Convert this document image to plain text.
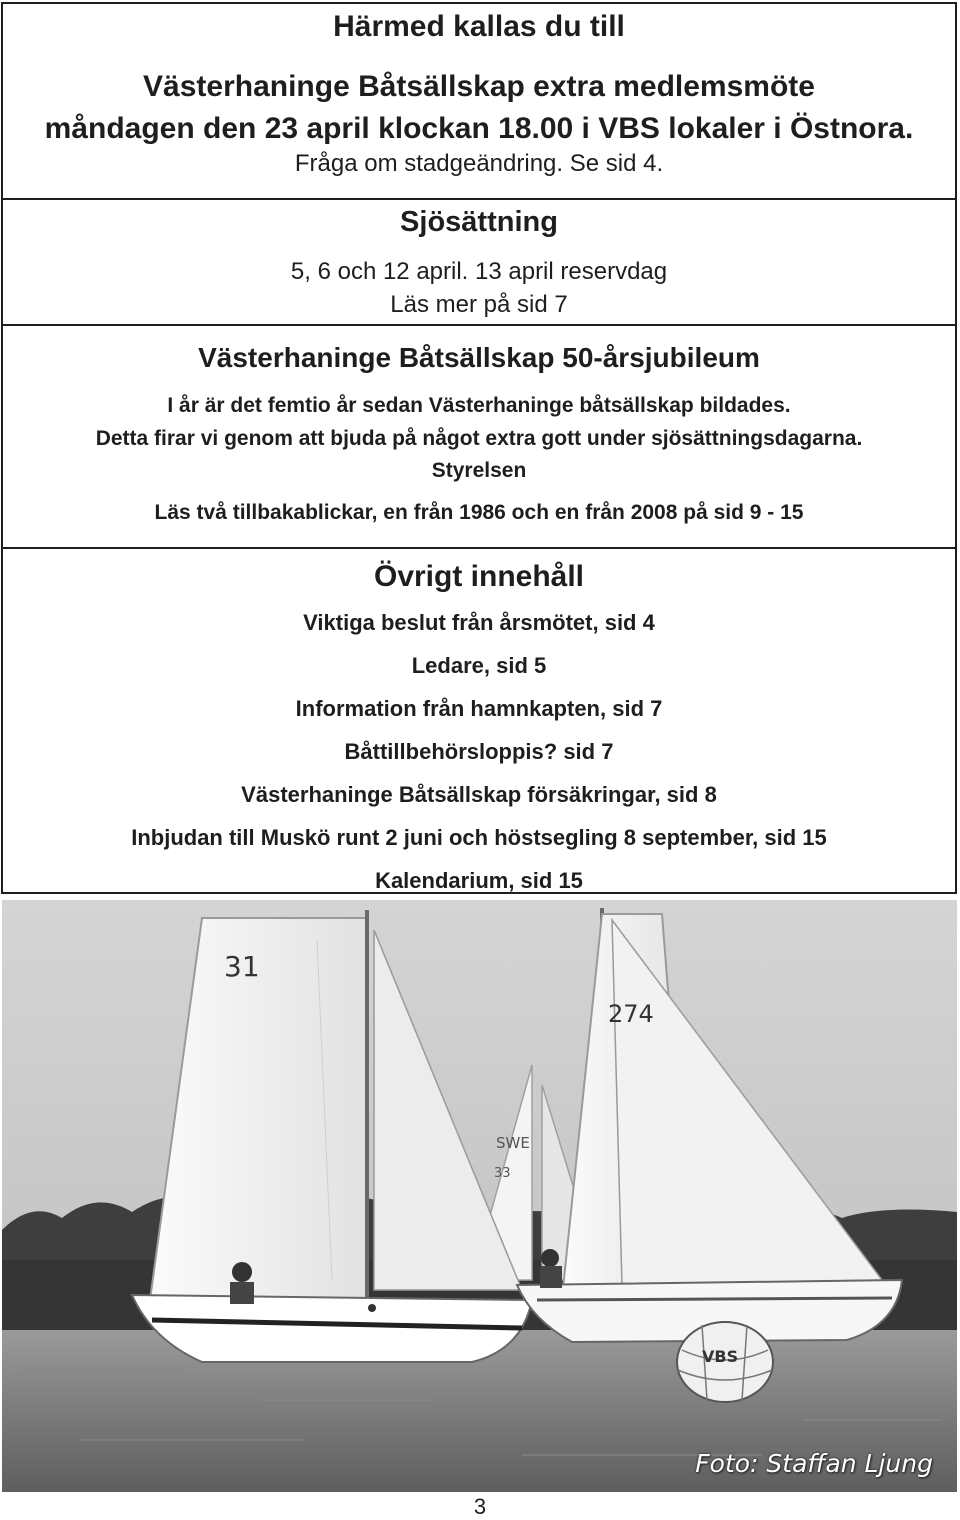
Härmed kallas du till
Västerhaninge Båtsällskap extra medlemsmöte
måndagen den 23 april klockan 18.00 i VBS lokaler i Östnora.
Fråga om stadgeändring. Se sid 4.
Sjösättning
5, 6 och 12 april. 13 april reservdag
Läs mer på sid 7
Västerhaninge Båtsällskap 50-årsjubileum
I år är det femtio år sedan Västerhaninge båtsällskap bildades.
Detta firar vi genom att bjuda på något extra gott under sjösättningsdagarna.
Styrelsen
Läs två tillbakablickar, en från 1986 och en från 2008 på sid 9 - 15
Övrigt innehåll
Viktiga beslut från årsmötet, sid 4
Ledare, sid 5
Information från hamnkapten, sid 7
Båttillbehörsloppis? sid 7
Västerhaninge Båtsällskap försäkringar, sid 8
Inbjudan till Muskö runt 2 juni och höstsegling 8 september, sid 15
Kalendarium, sid 15
SWE
33
31
274
VBS
Foto: Staffan Ljung
3
